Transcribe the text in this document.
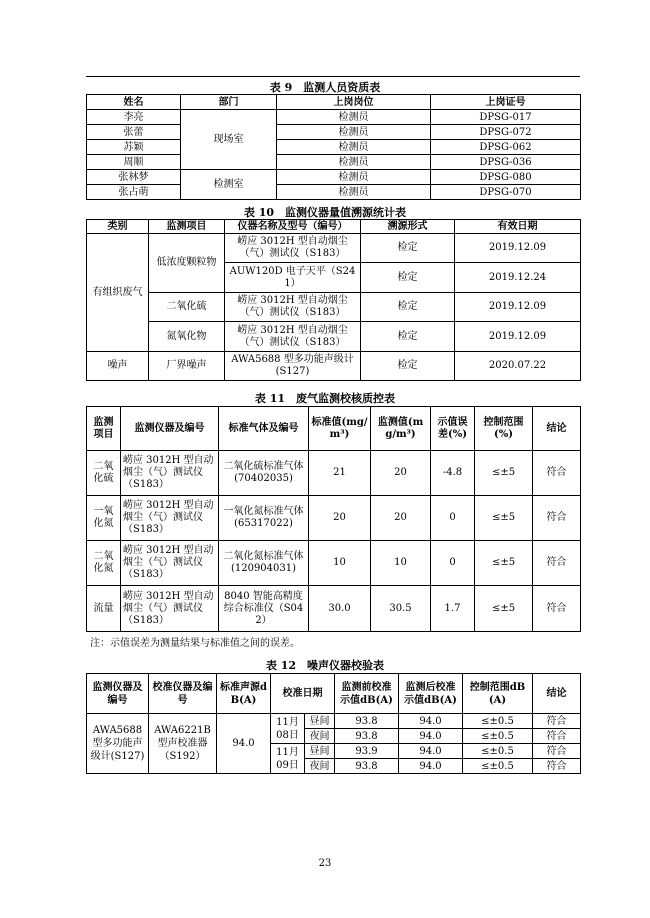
表 9　监测人员资质表
姓名	部门	上岗岗位	上岗证号
李亮	现场室	检测员	DPSG-017
张蕾		检测员	DPSG-072
苏颖		检测员	DPSG-062
周顺		检测员	DPSG-036
张林梦	检测室	检测员	DPSG-080
张占萌		检测员	DPSG-070
表 10　监测仪器量值溯源统计表
类别	监测项目	仪器名称及型号（编号）	溯源形式	有效日期
有组织废气	低浓度颗粒物	崂应 3012H 型自动烟尘（气）测试仪（S183）	检定	2019.12.09
		AUW120D 电子天平（S241）	检定	2019.12.24
	二氧化硫	崂应 3012H 型自动烟尘（气）测试仪（S183）	检定	2019.12.09
	氮氧化物	崂应 3012H 型自动烟尘（气）测试仪（S183）	检定	2019.12.09
噪声	厂界噪声	AWA5688 型多功能声级计(S127)	检定	2020.07.22
表 11　废气监测校核质控表
监测项目	监测仪器及编号	标准气体及编号	标准值(mg/m³)	监测值(mg/m³)	示值误差(%)	控制范围(%)	结论
二氧化硫	崂应 3012H 型自动烟尘（气）测试仪（S183）	二氧化硫标准气体(70402035)	21	20	-4.8	≤±5	符合
一氧化氮	崂应 3012H 型自动烟尘（气）测试仪（S183）	一氧化氮标准气体(65317022)	20	20	0	≤±5	符合
二氧化氮	崂应 3012H 型自动烟尘（气）测试仪（S183）	二氧化氮标准气体(120904031)	10	10	0	≤±5	符合
流量	崂应 3012H 型自动烟尘（气）测试仪（S183）	8040 智能高精度综合标准仪（S042）	30.0	30.5	1.7	≤±5	符合
注：示值误差为测量结果与标准值之间的误差。
表 12　噪声仪器校验表
监测仪器及编号	校准仪器及编号	标准声源dB(A)	校准日期		监测前校准示值dB(A)	监测后校准示值dB(A)	控制范围dB(A)	结论
AWA5688 型多功能声级计(S127)	AWA6221B 型声校准器（S192）	94.0	11月08日	昼间	93.8	94.0	≤±0.5	符合
				夜间	93.8	94.0	≤±0.5	符合
			11月09日	昼间	93.9	94.0	≤±0.5	符合
				夜间	93.8	94.0	≤±0.5	符合
23
